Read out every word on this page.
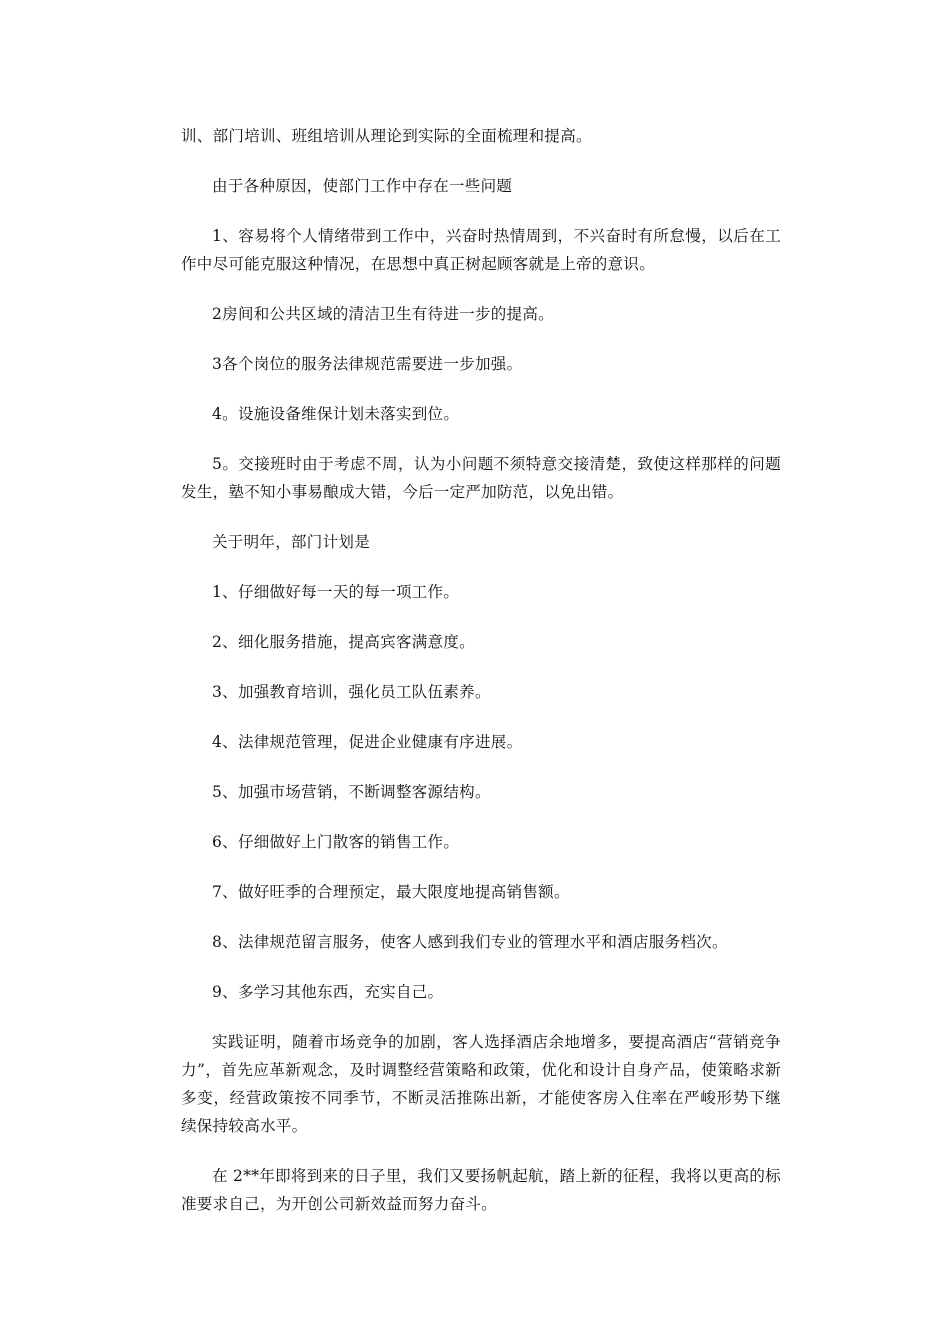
训、部门培训、班组培训从理论到实际的全面梳理和提高。

由于各种原因，使部门工作中存在一些问题

1、容易将个人情绪带到工作中，兴奋时热情周到，不兴奋时有所怠慢，以后在工作中尽可能克服这种情况，在思想中真正树起顾客就是上帝的意识。

2房间和公共区域的清洁卫生有待进一步的提高。

3各个岗位的服务法律规范需要进一步加强。

4。设施设备维保计划未落实到位。

5。交接班时由于考虑不周，认为小问题不须特意交接清楚，致使这样那样的问题发生，塾不知小事易酿成大错，今后一定严加防范，以免出错。

关于明年，部门计划是

1、仔细做好每一天的每一项工作。

2、细化服务措施，提高宾客满意度。

3、加强教育培训，强化员工队伍素养。

4、法律规范管理，促进企业健康有序进展。

5、加强市场营销，不断调整客源结构。

6、仔细做好上门散客的销售工作。

7、做好旺季的合理预定，最大限度地提高销售额。

8、法律规范留言服务，使客人感到我们专业的管理水平和酒店服务档次。

9、多学习其他东西，充实自己。

实践证明，随着市场竞争的加剧，客人选择酒店余地增多，要提高酒店“营销竞争力”，首先应革新观念，及时调整经营策略和政策，优化和设计自身产品，使策略求新多变，经营政策按不同季节，不断灵活推陈出新，才能使客房入住率在严峻形势下继续保持较高水平。

在 2**年即将到来的日子里，我们又要扬帆起航，踏上新的征程，我将以更高的标准要求自己，为开创公司新效益而努力奋斗。
